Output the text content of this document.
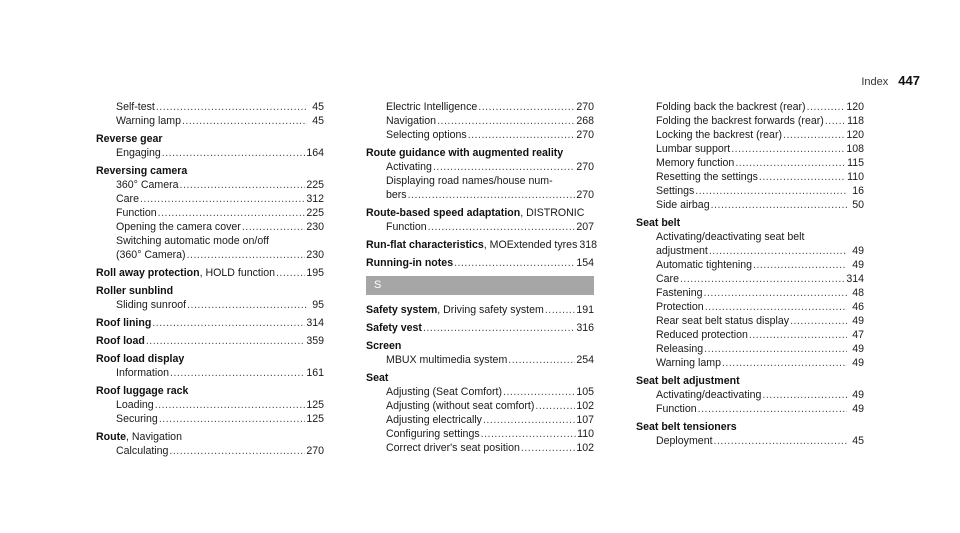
Index 447
Self-test .....	45
Warning lamp .....	45
Reverse gear
Engaging .....	164
Reversing camera
360° Camera .....	225
Care .....	312
Function .....	225
Opening the camera cover .....	230
Switching automatic mode on/off
(360° Camera) .....	230
Roll away protection, HOLD function .....	195
Roller sunblind
Sliding sunroof .....	95
Roof lining .....	314
Roof load .....	359
Roof load display
Information .....	161
Roof luggage rack
Loading .....	125
Securing .....	125
Route, Navigation
Calculating .....	270
Electric Intelligence .....	270
Navigation .....	268
Selecting options .....	270
Route guidance with augmented reality
Activating .....	270
Displaying road names/house num-
bers .....	270
Route-based speed adaptation, DISTRONIC
Function .....	207
Run-flat characteristics, MOExtended tyres 318
Running-in notes .....	154
S
Safety system, Driving safety system .....	191
Safety vest .....	316
Screen
MBUX multimedia system .....	254
Seat
Adjusting (Seat Comfort) .....	105
Adjusting (without seat comfort) .....	102
Adjusting electrically .....	107
Configuring settings .....	110
Correct driver's seat position .....	102
Folding back the backrest (rear) .....	120
Folding the backrest forwards (rear) ..... 118
Locking the backrest (rear) .....	120
Lumbar support .....	108
Memory function .....	115
Resetting the settings .....	110
Settings .....	16
Side airbag .....	50
Seat belt
Activating/deactivating seat belt
adjustment .....	49
Automatic tightening .....	49
Care .....	314
Fastening .....	48
Protection .....	46
Rear seat belt status display .....	49
Reduced protection .....	47
Releasing .....	49
Warning lamp .....	49
Seat belt adjustment
Activating/deactivating .....	49
Function .....	49
Seat belt tensioners
Deployment .....	45
